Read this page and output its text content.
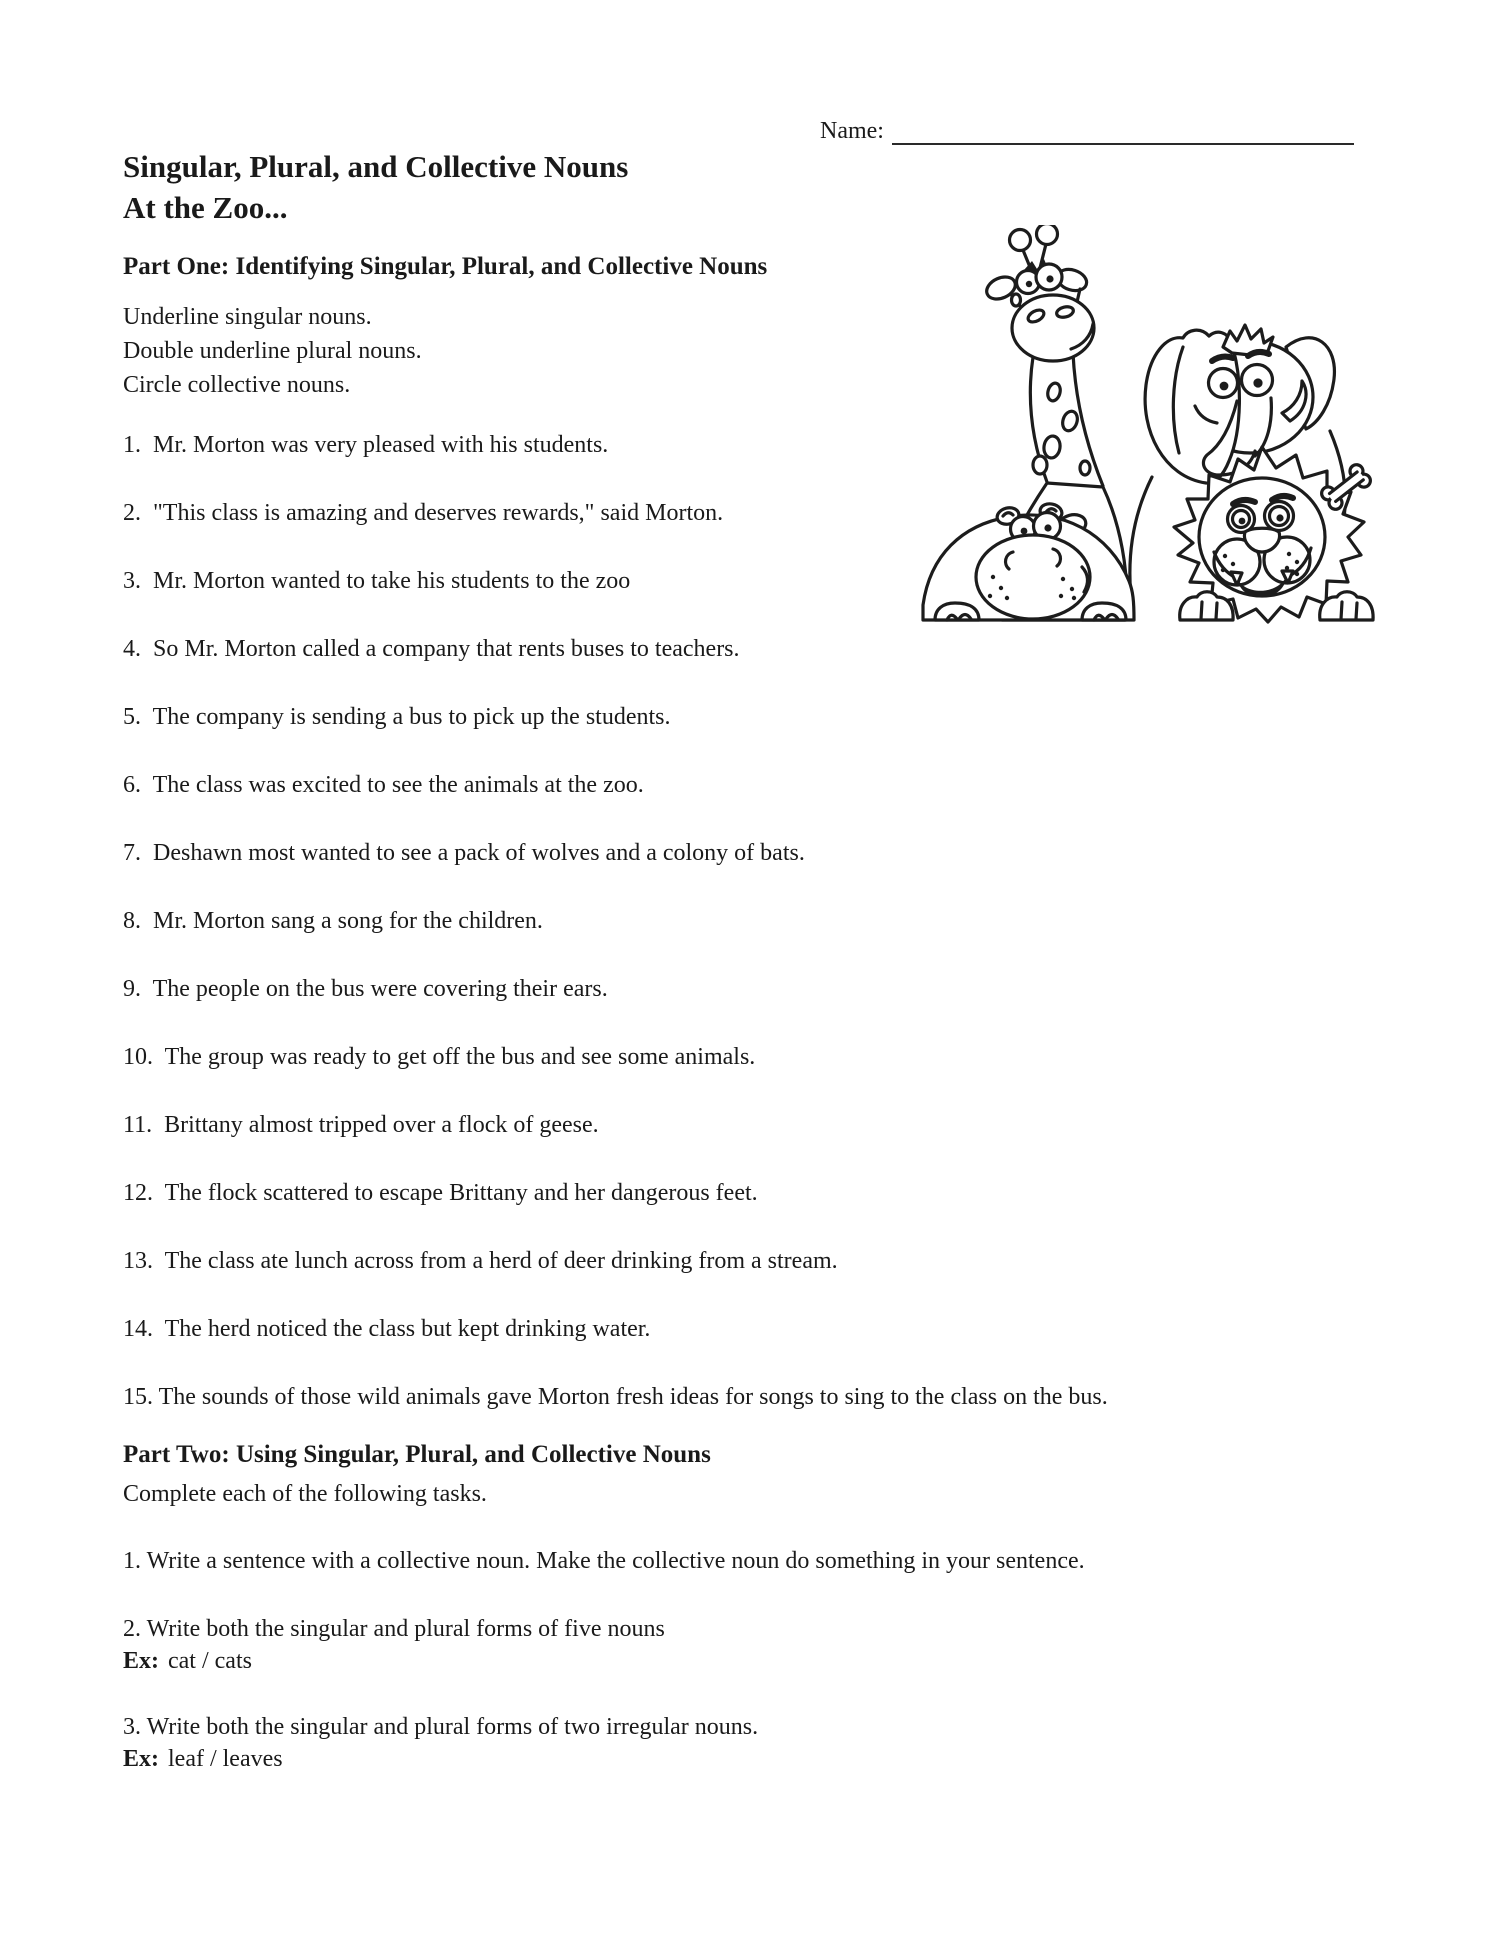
Name:
Singular, Plural, and Collective Nouns
At the Zoo...
Part One: Identifying Singular, Plural, and Collective Nouns
Underline singular nouns.
Double underline plural nouns.
Circle collective nouns.
1.  Mr. Morton was very pleased with his students.
2.  "This class is amazing and deserves rewards," said Morton.
3.  Mr. Morton wanted to take his students to the zoo
4.  So Mr. Morton called a company that rents buses to teachers.
5.  The company is sending a bus to pick up the students.
6.  The class was excited to see the animals at the zoo.
7.  Deshawn most wanted to see a pack of wolves and a colony of bats.
8.  Mr. Morton sang a song for the children.
9.  The people on the bus were covering their ears.
10.  The group was ready to get off the bus and see some animals.
11.  Brittany almost tripped over a flock of geese.
12.  The flock scattered to escape Brittany and her dangerous feet.
13.  The class ate lunch across from a herd of deer drinking from a stream.
14.  The herd noticed the class but kept drinking water.
15. The sounds of those wild animals gave Morton fresh ideas for songs to sing to the class on the bus.
Part Two: Using Singular, Plural, and Collective Nouns
Complete each of the following tasks.
1. Write a sentence with a collective noun. Make the collective noun do something in your sentence.
2. Write both the singular and plural forms of five nouns
Ex: cat / cats
3. Write both the singular and plural forms of two irregular nouns.
Ex: leaf / leaves
